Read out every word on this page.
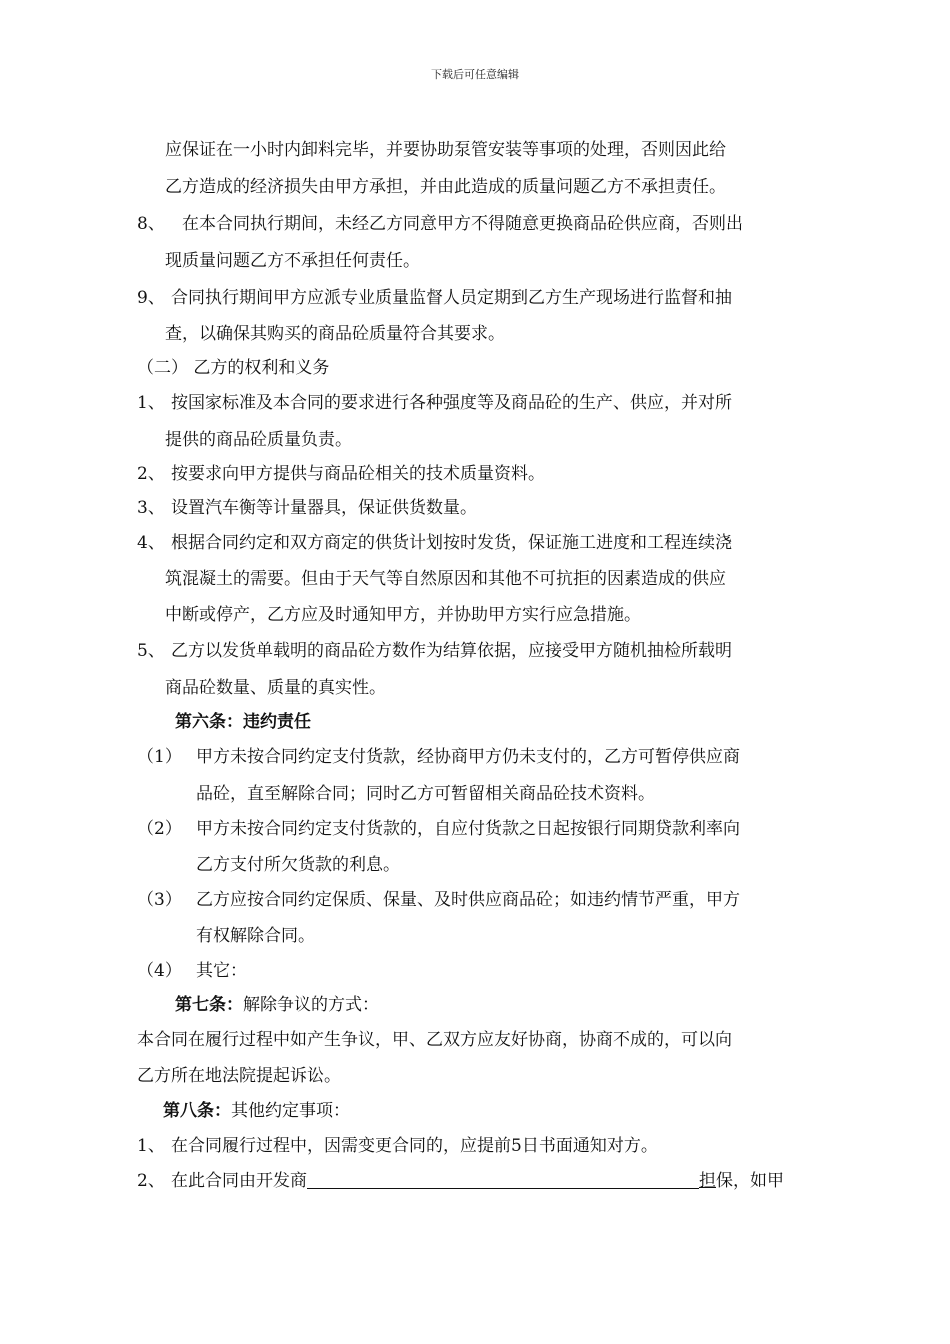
下载后可任意编辑
应保证在一小时内卸料完毕，并要协助泵管安装等事项的处理，否则因此给
乙方造成的经济损失由甲方承担，并由此造成的质量问题乙方不承担责任。
8、 在本合同执行期间，未经乙方同意甲方不得随意更换商品砼供应商，否则出
现质量问题乙方不承担任何责任。
9、 合同执行期间甲方应派专业质量监督人员定期到乙方生产现场进行监督和抽
查，以确保其购买的商品砼质量符合其要求。
（二） 乙方的权利和义务
1、 按国家标准及本合同的要求进行各种强度等及商品砼的生产、供应，并对所
提供的商品砼质量负责。
2、 按要求向甲方提供与商品砼相关的技术质量资料。
3、 设置汽车衡等计量器具，保证供货数量。
4、 根据合同约定和双方商定的供货计划按时发货，保证施工进度和工程连续浇
筑混凝土的需要。但由于天气等自然原因和其他不可抗拒的因素造成的供应
中断或停产，乙方应及时通知甲方，并协助甲方实行应急措施。
5、 乙方以发货单载明的商品砼方数作为结算依据，应接受甲方随机抽检所载明
商品砼数量、质量的真实性。
第六条：违约责任
（1） 甲方未按合同约定支付货款，经协商甲方仍未支付的，乙方可暂停供应商
品砼，直至解除合同；同时乙方可暂留相关商品砼技术资料。
（2） 甲方未按合同约定支付货款的，自应付货款之日起按银行同期贷款利率向
乙方支付所欠货款的利息。
（3） 乙方应按合同约定保质、保量、及时供应商品砼；如违约情节严重，甲方
有权解除合同。
（4） 其它：
第七条：解除争议的方式：
本合同在履行过程中如产生争议，甲、乙双方应友好协商，协商不成的，可以向
乙方所在地法院提起诉讼。
第八条：其他约定事项：
1、 在合同履行过程中，因需变更合同的，应提前5日书面通知对方。
2、 在此合同由开发商	担保，如甲
